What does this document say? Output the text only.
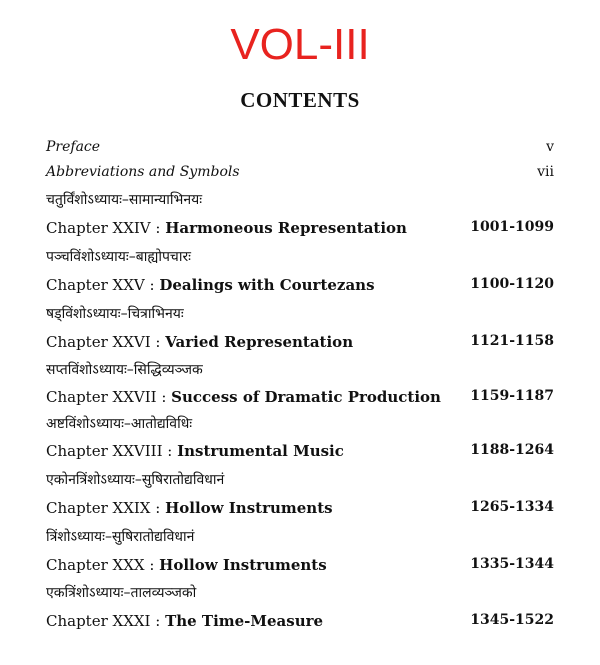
VOL-III
CONTENTS
Preface	v
Abbreviations and Symbols	vii
चतुर्विंशोऽध्यायः–सामान्याभिनयः
Chapter XXIV : Harmoneous Representation	1001-1099
पञ्चविंशोऽध्यायः–बाह्योपचारः
Chapter XXV : Dealings with Courtezans	1100-1120
षड्विंशोऽध्यायः–चित्राभिनयः
Chapter XXVI : Varied Representation	1121-1158
सप्तविंशोऽध्यायः–सिद्धिव्यञ्जक
Chapter XXVII : Success of Dramatic Production 1159-1187
अष्टविंशोऽध्यायः–आतोद्यविधिः
Chapter XXVIII : Instrumental Music	1188-1264
एकोनत्रिंशोऽध्यायः–सुषिरातोद्यविधानं
Chapter XXIX : Hollow Instruments	1265-1334
त्रिंशोऽध्यायः–सुषिरातोद्यविधानं
Chapter XXX : Hollow Instruments	1335-1344
एकत्रिंशोऽध्यायः–तालव्यञ्जको
Chapter XXXI : The Time-Measure	1345-1522
